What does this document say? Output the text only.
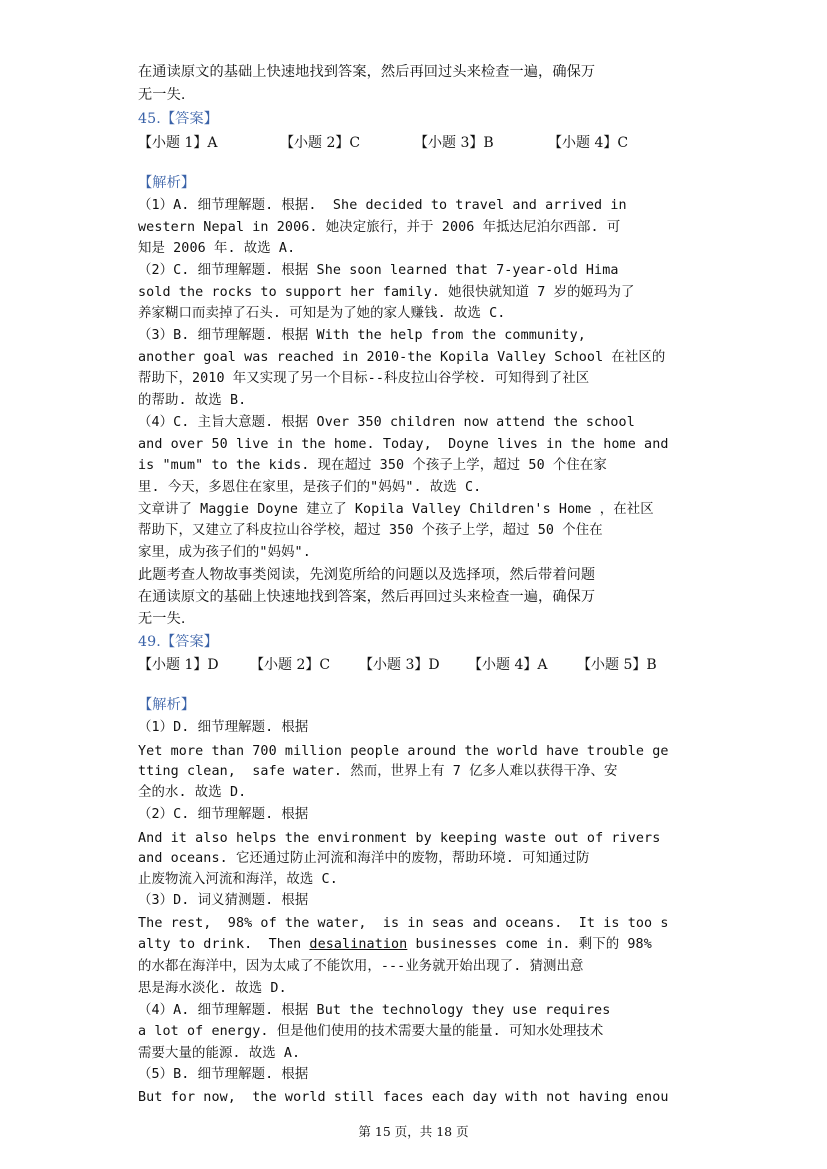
在通读原文的基础上快速地找到答案，然后再回过头来检查一遍，确保万
无一失.
45.【答案】

【小题 1】A

	【小题 2】C

	【小题 3】B

	【小题 4】C

【解析】
（1）A. 细节理解题. 根据.  She decided to travel and arrived in
western Nepal in 2006. 她决定旅行，并于 2006 年抵达尼泊尔西部. 可
知是 2006 年. 故选 A.
（2）C. 细节理解题. 根据 She soon learned that 7-year-old Hima
sold the rocks to support her family. 她很快就知道 7 岁的姬玛为了
养家糊口而卖掉了石头. 可知是为了她的家人赚钱. 故选 C.
（3）B. 细节理解题. 根据 With the help from the community,
another goal was reached in 2010-the Kopila Valley School 在社区的
帮助下，2010 年又实现了另一个目标--科皮拉山谷学校. 可知得到了社区
的帮助. 故选 B.
（4）C. 主旨大意题. 根据 Over 350 children now attend the school
and over 50 live in the home. Today,  Doyne lives in the home and
is "mum" to the kids. 现在超过 350 个孩子上学，超过 50 个住在家
里. 今天，多恩住在家里，是孩子们的"妈妈". 故选 C.
文章讲了 Maggie Doyne 建立了 Kopila Valley Children's Home ，在社区
帮助下，又建立了科皮拉山谷学校，超过 350 个孩子上学，超过 50 个住在
家里，成为孩子们的"妈妈".
此题考查人物故事类阅读，先浏览所给的问题以及选择项，然后带着问题
在通读原文的基础上快速地找到答案，然后再回过头来检查一遍，确保万
无一失.
49.【答案】

【小题 1】D

【小题 2】C

【小题 3】D

【小题 4】A

【小题 5】B

【解析】
（1）D. 细节理解题. 根据
Yet more than 700 million people around the world have trouble ge
tting clean,  safe water. 然而，世界上有 7 亿多人难以获得干净、安
全的水. 故选 D.
（2）C. 细节理解题. 根据
And it also helps the environment by keeping waste out of rivers
and oceans. 它还通过防止河流和海洋中的废物，帮助环境. 可知通过防
止废物流入河流和海洋，故选 C.
（3）D. 词义猜测题. 根据
The rest,  98% of the water,  is in seas and oceans.  It is too s
alty to drink.  Then desalination businesses come in. 剩下的 98%
的水都在海洋中，因为太咸了不能饮用，---业务就开始出现了. 猜测出意
思是海水淡化. 故选 D.
（4）A. 细节理解题. 根据 But the technology they use requires
a lot of energy. 但是他们使用的技术需要大量的能量. 可知水处理技术
需要大量的能源. 故选 A.
（5）B. 细节理解题. 根据
But for now,  the world still faces each day with not having enou
第 15 页，共 18 页
